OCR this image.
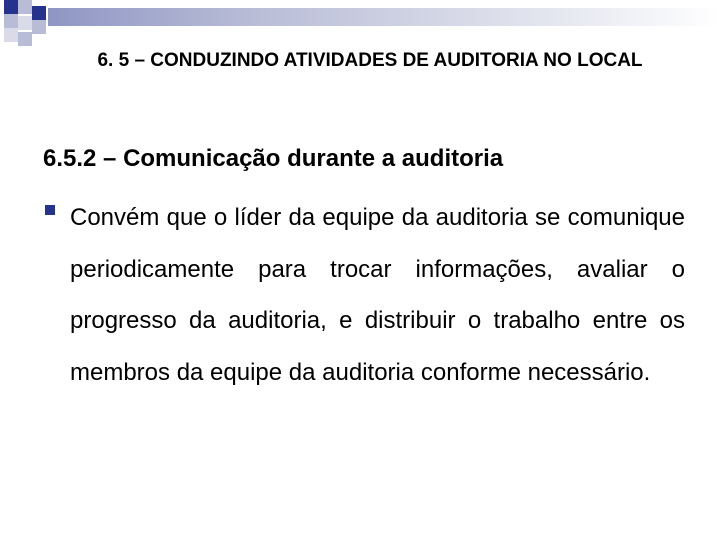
6. 5 – CONDUZINDO ATIVIDADES DE AUDITORIA NO LOCAL
6.5.2 – Comunicação durante a auditoria

Convém que o líder da equipe da auditoria se comunique periodicamente para trocar informações, avaliar o progresso da auditoria, e distribuir o trabalho entre os membros da equipe da auditoria conforme necessário.
